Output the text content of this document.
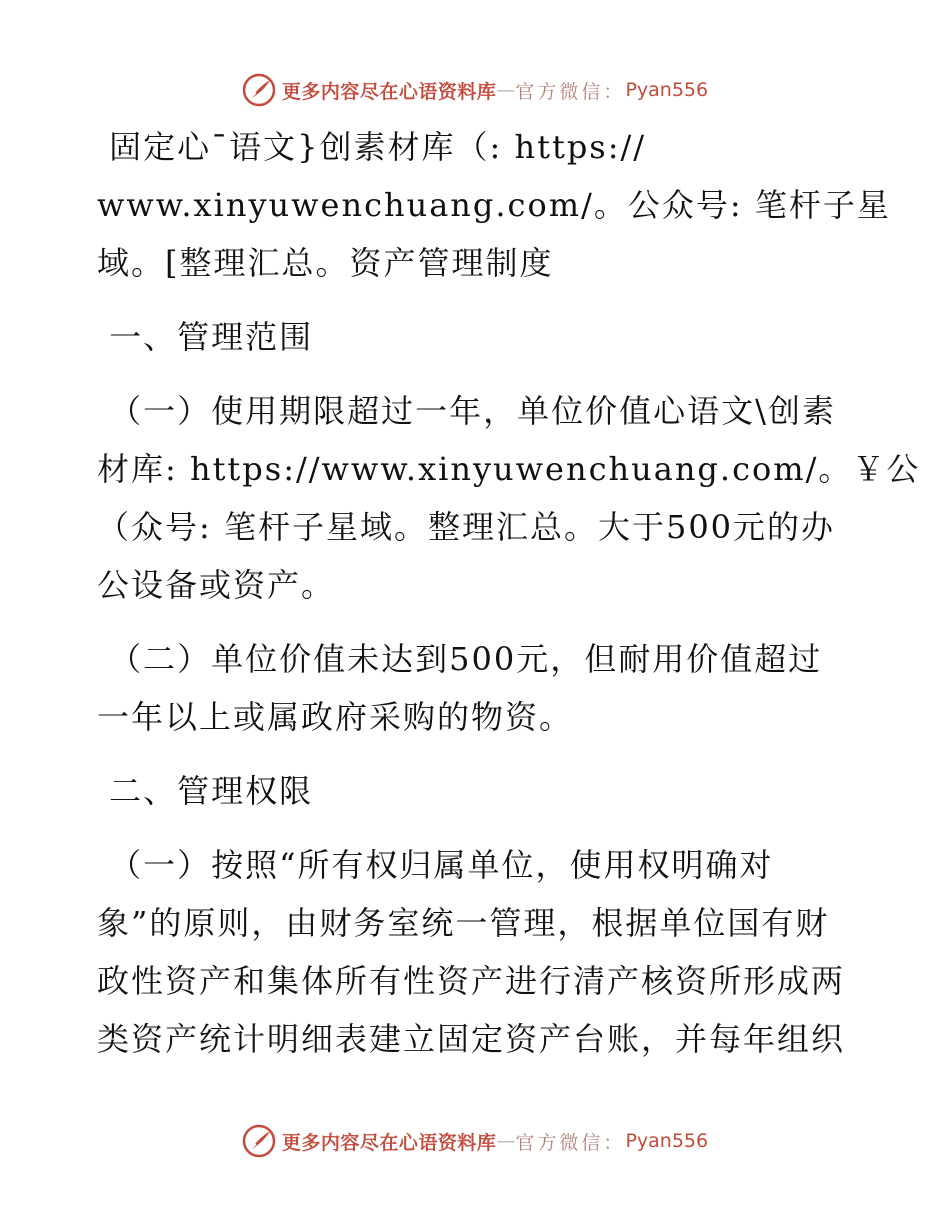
更多内容尽在心语资料库 — 官方微信： Pyan556

固定心¯语文}创素材库（: https://

www.xinyuwenchuang.com/。公众号: 笔杆子星

域。[整理汇总。资产管理制度

一、管理范围

（一）使用期限超过一年，单位价值心语文\创素

材库: https://www.xinyuwenchuang.com/。￥公

（众号: 笔杆子星域。整理汇总。大于500元的办

公设备或资产。

（二）单位价值未达到500元，但耐用价值超过

一年以上或属政府采购的物资。

二、管理权限

（一）按照“所有权归属单位，使用权明确对

象”的原则，由财务室统一管理，根据单位国有财

政性资产和集体所有性资产进行清产核资所形成两

类资产统计明细表建立固定资产台账，并每年组织

更多内容尽在心语资料库 — 官方微信： Pyan556
